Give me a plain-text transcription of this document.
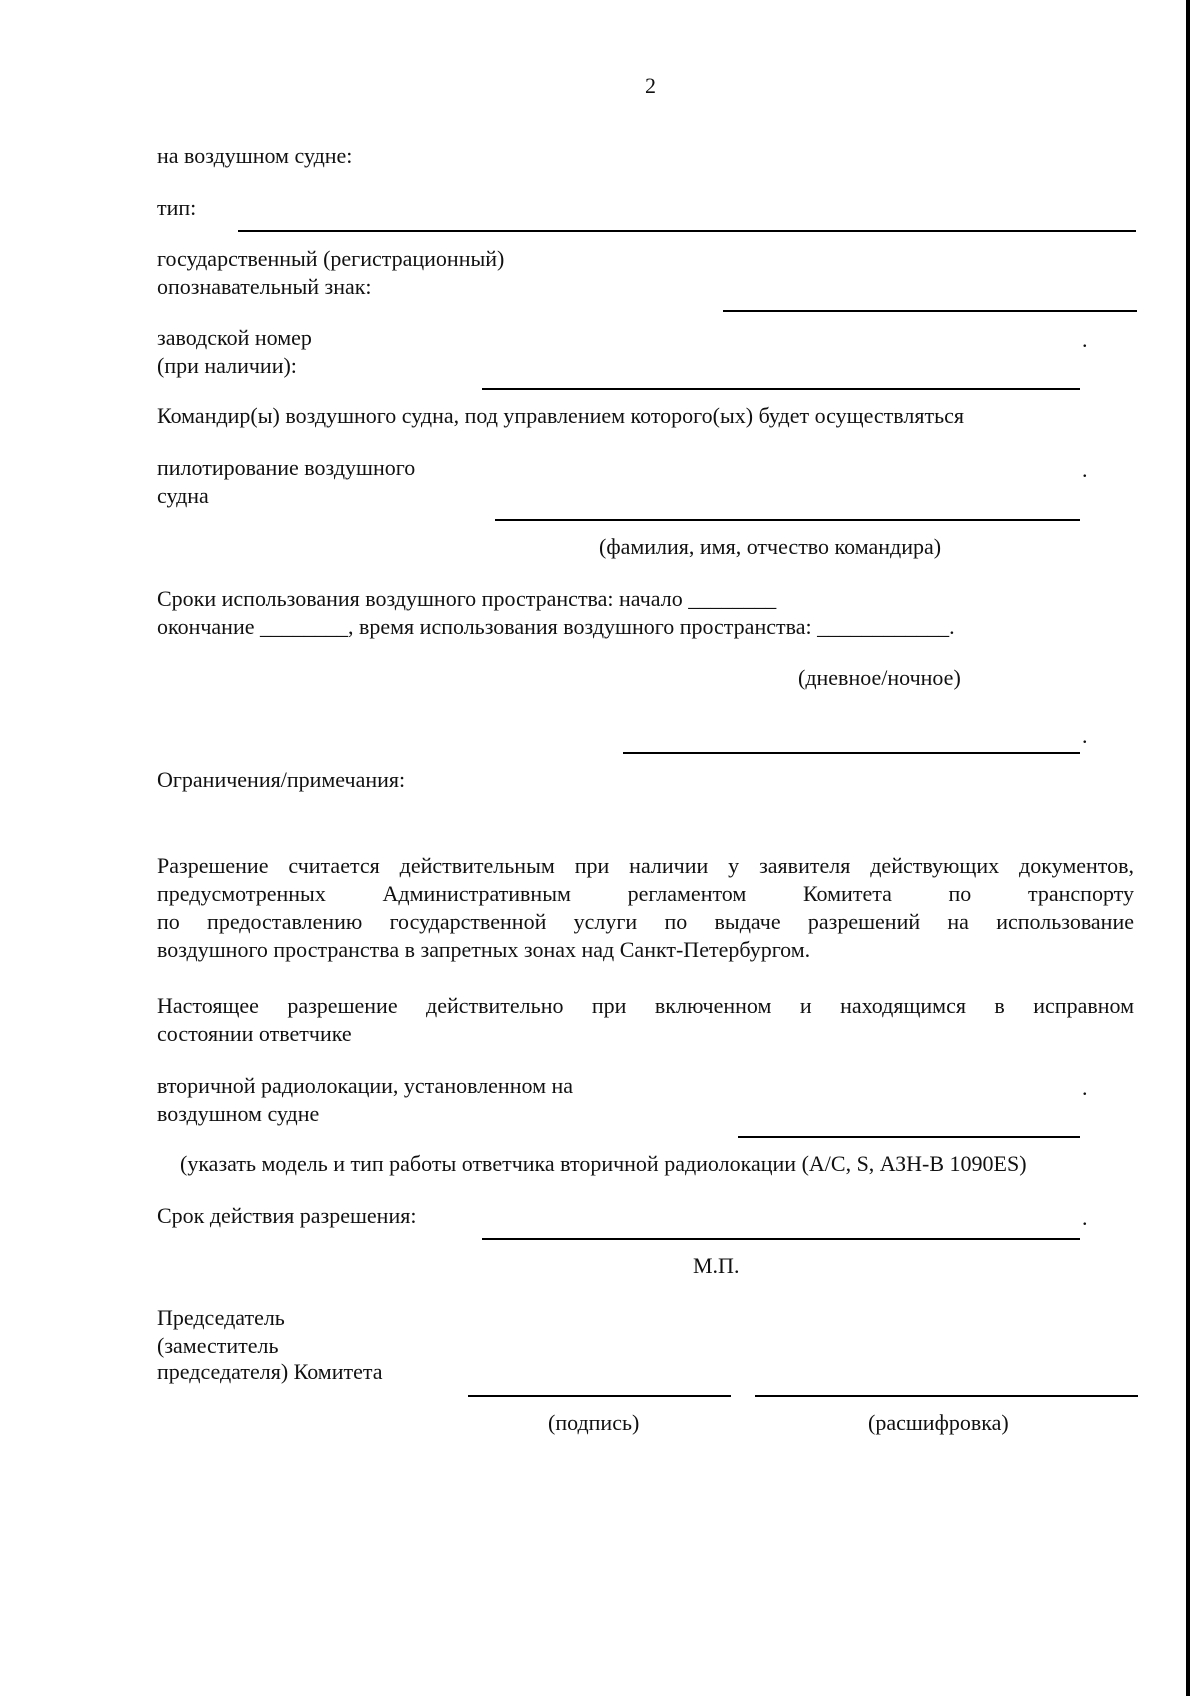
2
на воздушном судне:
тип:
государственный (регистрационный)
опознавательный знак:
заводской номер
(при наличии):
.
Командир(ы) воздушного судна, под управлением которого(ых) будет осуществляться
пилотирование воздушного
судна
.
(фамилия, имя, отчество командира)
Сроки использования воздушного пространства: начало ________
окончание ________, время использования воздушного пространства: ____________.
(дневное/ночное)
.
Ограничения/примечания:
Разрешение считается действительным при наличии у заявителя действующих документов,
предусмотренных Административным регламентом Комитета по транспорту
по предоставлению государственной услуги по выдаче разрешений на использование
воздушного пространства в запретных зонах над Санкт-Петербургом.
Настоящее разрешение действительно при включенном и находящимся в исправном
состоянии ответчике
вторичной радиолокации, установленном на
воздушном судне
.
(указать модель и тип работы ответчика вторичной радиолокации (А/С, S, АЗН-В 1090ES)
Срок действия разрешения:	.
М.П.
Председатель
(заместитель
председателя) Комитета
(подпись)	(расшифровка)
